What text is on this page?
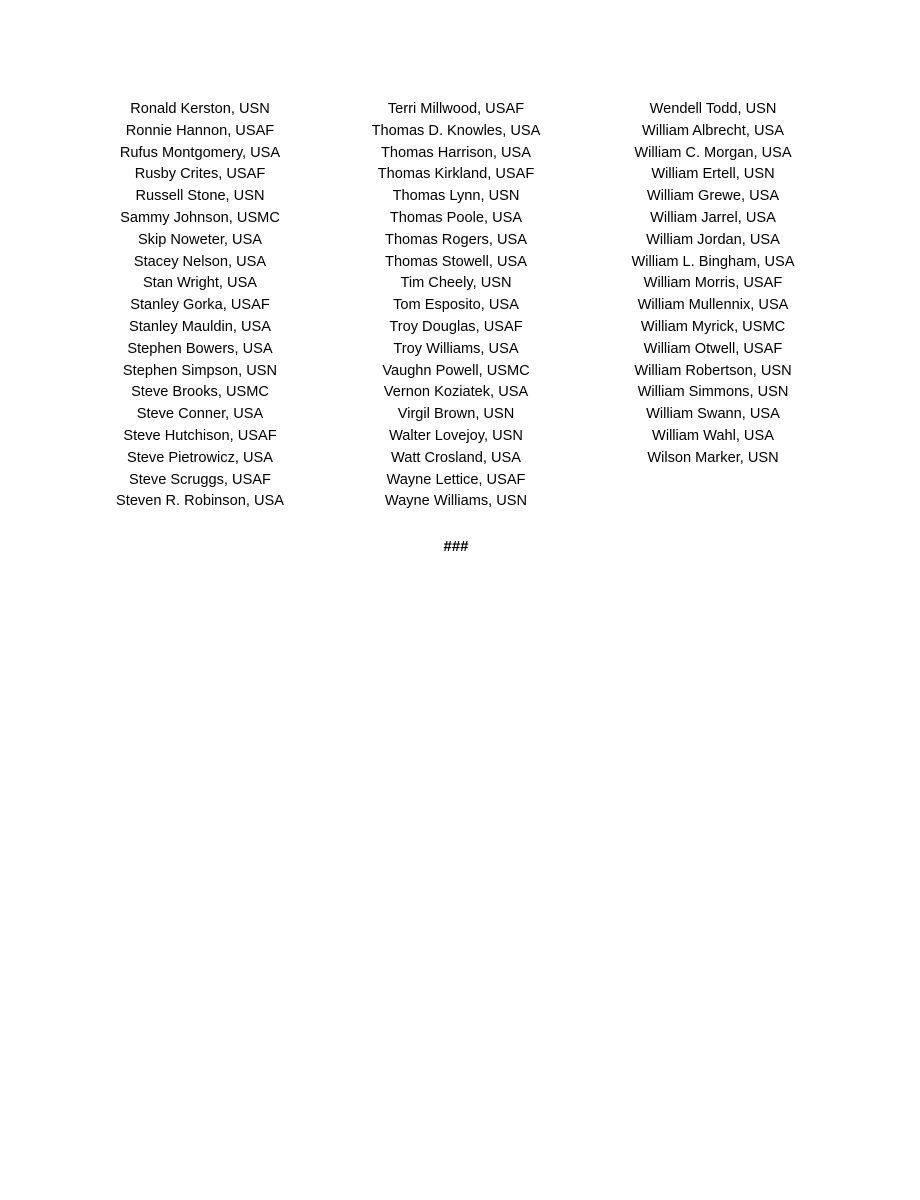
Ronald Kerston, USN
Ronnie Hannon, USAF
Rufus Montgomery, USA
Rusby Crites, USAF
Russell Stone, USN
Sammy Johnson, USMC
Skip Noweter, USA
Stacey Nelson, USA
Stan Wright, USA
Stanley Gorka, USAF
Stanley Mauldin, USA
Stephen Bowers, USA
Stephen Simpson, USN
Steve Brooks, USMC
Steve Conner, USA
Steve Hutchison, USAF
Steve Pietrowicz, USA
Steve Scruggs, USAF
Steven R. Robinson, USA
Terri Millwood, USAF
Thomas D. Knowles, USA
Thomas Harrison, USA
Thomas Kirkland, USAF
Thomas Lynn, USN
Thomas Poole, USA
Thomas Rogers, USA
Thomas Stowell, USA
Tim Cheely, USN
Tom Esposito, USA
Troy Douglas, USAF
Troy Williams, USA
Vaughn Powell, USMC
Vernon Koziatek, USA
Virgil Brown, USN
Walter Lovejoy, USN
Watt Crosland, USA
Wayne Lettice, USAF
Wayne Williams, USN
Wendell Todd, USN
William Albrecht, USA
William C. Morgan, USA
William Ertell, USN
William Grewe, USA
William Jarrel, USA
William Jordan, USA
William L. Bingham, USA
William Morris, USAF
William Mullennix, USA
William Myrick, USMC
William Otwell, USAF
William Robertson, USN
William Simmons, USN
William Swann, USA
William Wahl, USA
Wilson Marker, USN
###
